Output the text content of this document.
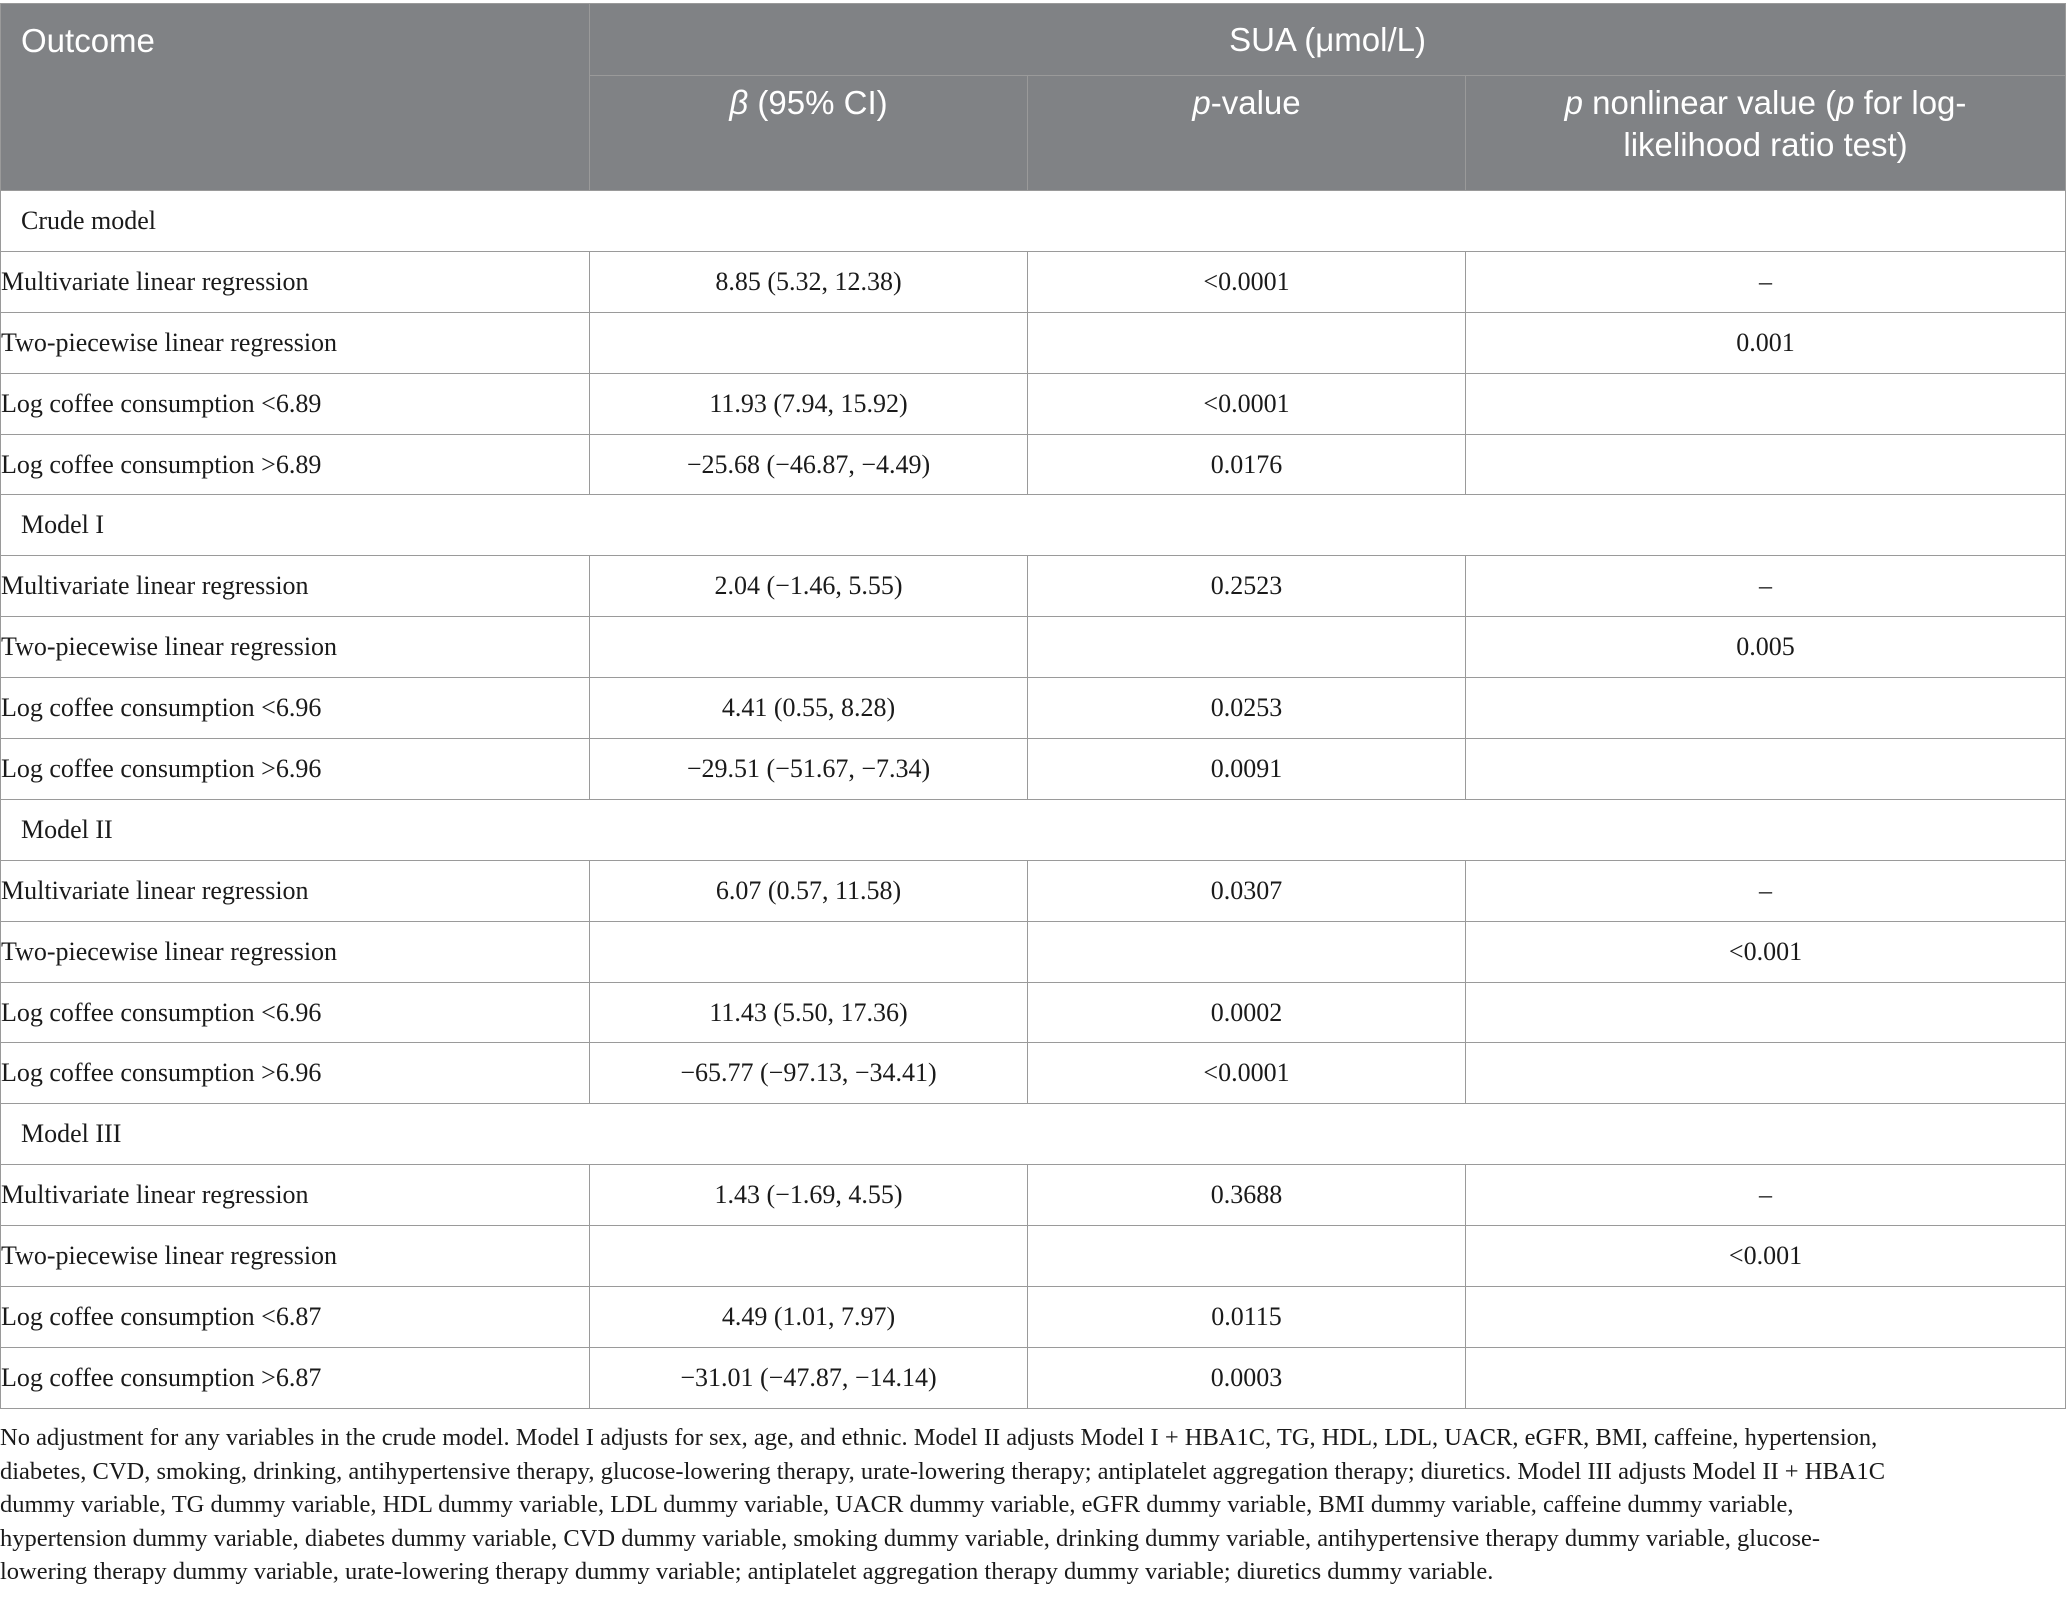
Outcome	SUA (μmol/L)		
	β (95% CI)	p-value	p nonlinear value (p for log-
likelihood ratio test)
Crude model			
Multivariate linear regression	8.85 (5.32, 12.38)	<0.0001	–
Two-piecewise linear regression			0.001
Log coffee consumption <6.89	11.93 (7.94, 15.92)	<0.0001	
Log coffee consumption >6.89	−25.68 (−46.87, −4.49)	0.0176	
Model I			
Multivariate linear regression	2.04 (−1.46, 5.55)	0.2523	–
Two-piecewise linear regression			0.005
Log coffee consumption <6.96	4.41 (0.55, 8.28)	0.0253	
Log coffee consumption >6.96	−29.51 (−51.67, −7.34)	0.0091	
Model II			
Multivariate linear regression	6.07 (0.57, 11.58)	0.0307	–
Two-piecewise linear regression			<0.001
Log coffee consumption <6.96	11.43 (5.50, 17.36)	0.0002	
Log coffee consumption >6.96	−65.77 (−97.13, −34.41)	<0.0001	
Model III			
Multivariate linear regression	1.43 (−1.69, 4.55)	0.3688	–
Two-piecewise linear regression			<0.001
Log coffee consumption <6.87	4.49 (1.01, 7.97)	0.0115	
Log coffee consumption >6.87	−31.01 (−47.87, −14.14)	0.0003	

No adjustment for any variables in the crude model. Model I adjusts for sex, age, and ethnic. Model II adjusts Model I + HBA1C, TG, HDL, LDL, UACR, eGFR, BMI, caffeine, hypertension,
diabetes, CVD, smoking, drinking, antihypertensive therapy, glucose-lowering therapy, urate-lowering therapy; antiplatelet aggregation therapy; diuretics. Model III adjusts Model II + HBA1C
dummy variable, TG dummy variable, HDL dummy variable, LDL dummy variable, UACR dummy variable, eGFR dummy variable, BMI dummy variable, caffeine dummy variable,
hypertension dummy variable, diabetes dummy variable, CVD dummy variable, smoking dummy variable, drinking dummy variable, antihypertensive therapy dummy variable, glucose-
lowering therapy dummy variable, urate-lowering therapy dummy variable; antiplatelet aggregation therapy dummy variable; diuretics dummy variable.
